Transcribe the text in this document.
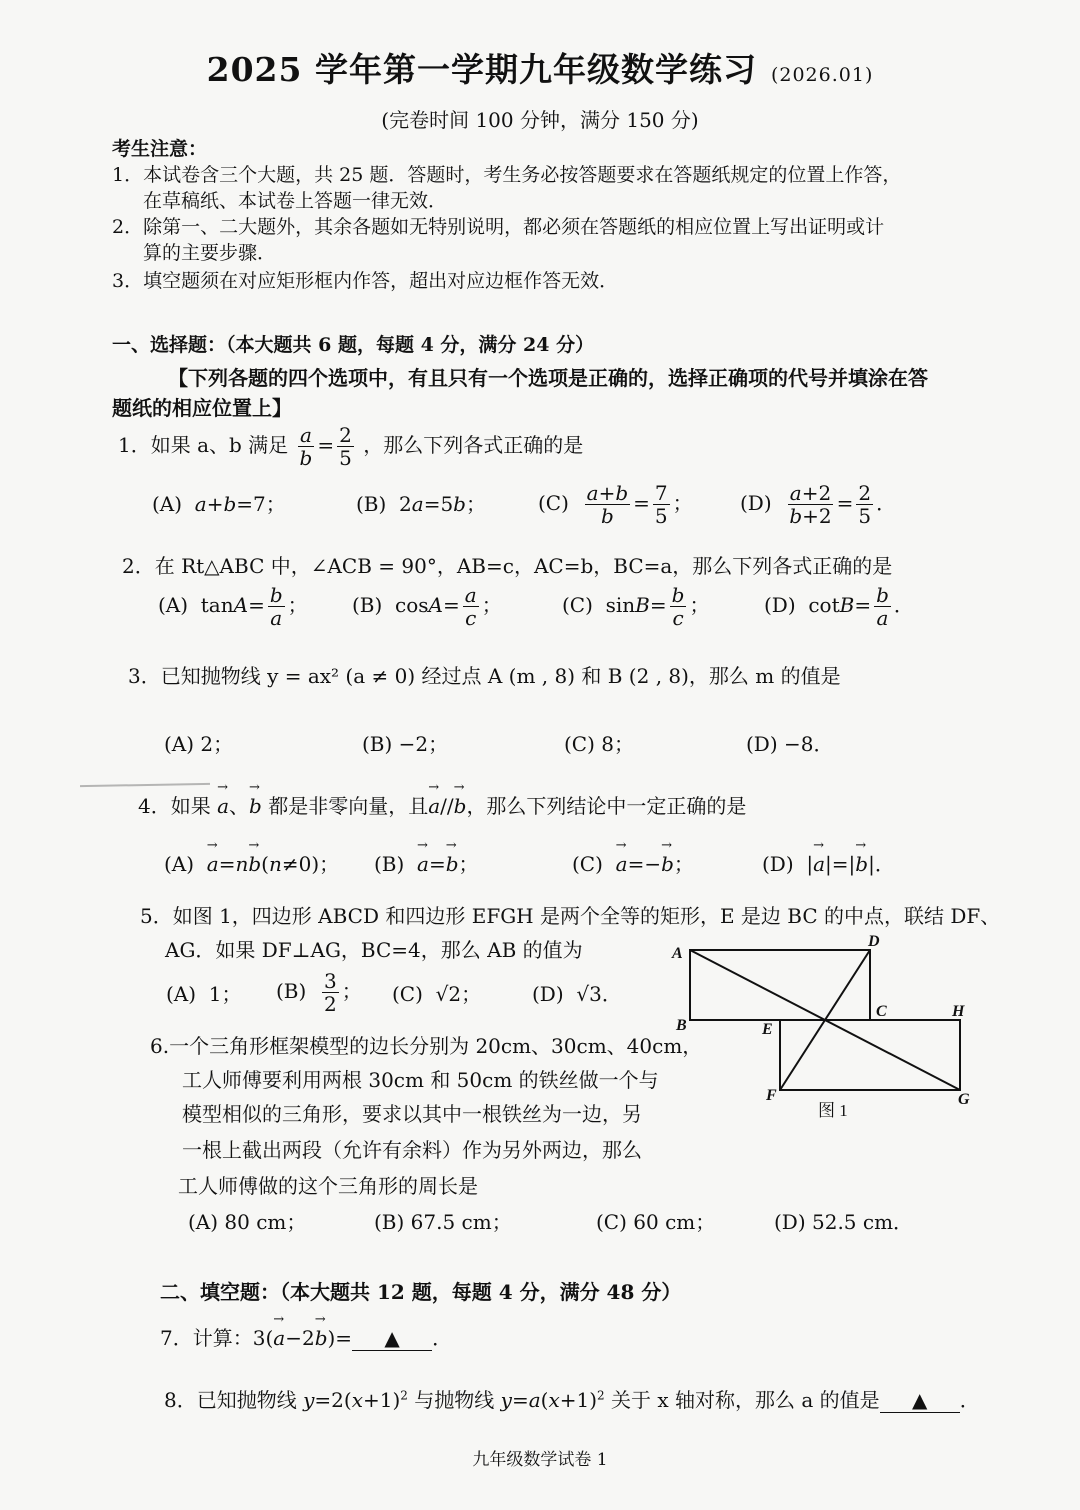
2025 学年第一学期九年级数学练习 (2026.01)
(完卷时间 100 分钟，满分 150 分)
考生注意：
1．本试卷含三个大题，共 25 题．答题时，考生务必按答题要求在答题纸规定的位置上作答，
在草稿纸、本试卷上答题一律无效．
2．除第一、二大题外，其余各题如无特别说明，都必须在答题纸的相应位置上写出证明或计
算的主要步骤．
3．填空题须在对应矩形框内作答，超出对应边框作答无效．
一、选择题：（本大题共 6 题，每题 4 分，满分 24 分）
【下列各题的四个选项中，有且只有一个选项是正确的，选择正确项的代号并填涂在答
题纸的相应位置上】
1．如果 a、b 满足 $\frac{a}{b} = \frac{2}{5}$ ，那么下列各式正确的是
(A)  a+b=7；	(B)  2a=5b；	$(C) \frac{a+b}{b} = \frac{7}{5}$ ； $(D) \frac{a+2}{b+2} = \frac{2}{5}$ ．
2．在 Rt△ABC 中，∠ACB = 90°，AB=c，AC=b，BC=a，那么下列各式正确的是
(A)  $\tan A= \frac{b}{a}$ ； (B)  $\cos A= \frac{a}{c}$ ；	(C)  $\sin B= \frac{b}{c}$ ；	(D)  $\cot B= \frac{b}{a}$ ．
3．已知抛物线 y = ax² (a ≠ 0) 经过点 A (m , 8) 和 B (2 , 8)，那么 m 的值是
(A) 2；	(B) −2；	(C) 8；	(D) −8．
4．如果 → a、→ b 都是非零向量，且→ a//→ b，那么下列结论中一定正确的是
(A)  → a=n→ b(n≠0)； (B)  → a=→ b；	(C)  → a=−→ b；	(D)  |→ a|=|→ b|．
5．如图 1，四边形 ABCD 和四边形 EFGH 是两个全等的矩形，E 是边 BC 的中点，联结 DF、
AG．如果 DF⊥AG，BC=4，那么 AB 的值为
(A)  1； $(B) \frac{3}{2}$ ； (C)  √2；	(D)  √3．
A
D
B
C
E
H
F	G
图 1
6.一个三角形框架模型的边长分别为 20cm、30cm、40cm，
工人师傅要利用两根 30cm 和 50cm 的铁丝做一个与
模型相似的三角形，要求以其中一根铁丝为一边，另
一根上截出两段（允许有余料）作为另外两边，那么
工人师傅做的这个三角形的周长是
(A) 80 cm；	(B) 67.5 cm；	(C) 60 cm；	(D) 52.5 cm．
二、填空题：（本大题共 12 题，每题 4 分，满分 48 分）
7．计算：3(→ a−2→ b)= ▲ ．
8．已知抛物线 $y=2(x+1)^2$ 与抛物线 $y=a(x+1)^2$ 关于 x 轴对称，那么 a 的值是 ▲ ．
九年级数学试卷 1
